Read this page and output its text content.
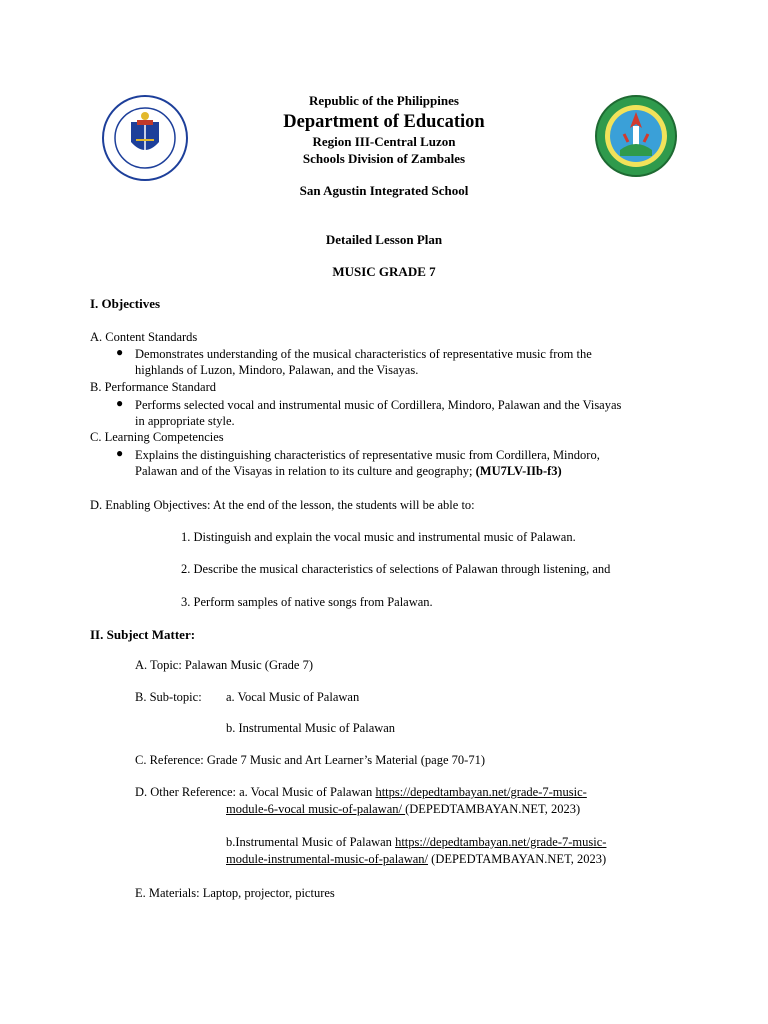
Republic of the Philippines
Department of Education
Region III-Central Luzon
Schools Division of Zambales
San Agustin Integrated School
Detailed Lesson Plan
MUSIC GRADE 7
I. Objectives
A. Content Standards
● Demonstrates understanding of the musical characteristics of representative music from the
highlands of Luzon, Mindoro, Palawan, and the Visayas.
B. Performance Standard
● Performs selected vocal and instrumental music of Cordillera, Mindoro, Palawan and the Visayas
in appropriate style.
C. Learning Competencies
● Explains the distinguishing characteristics of representative music from Cordillera, Mindoro,
Palawan and of the Visayas in relation to its culture and geography; (MU7LV-IIb-f3)
D. Enabling Objectives: At the end of the lesson, the students will be able to:
1. Distinguish and explain the vocal music and instrumental music of Palawan.
2. Describe the musical characteristics of selections of Palawan through listening, and
3. Perform samples of native songs from Palawan.
II. Subject Matter:
A. Topic: Palawan Music (Grade 7)
B. Sub-topic: a. Vocal Music of Palawan
b. Instrumental Music of Palawan
C. Reference: Grade 7 Music and Art Learner’s Material (page 70-71)
D. Other Reference: a. Vocal Music of Palawan https://depedtambayan.net/grade-7-music-
module-6-vocal music-of-palawan/ (DEPEDTAMBAYAN.NET, 2023)
b.Instrumental Music of Palawan https://depedtambayan.net/grade-7-music-
module-instrumental-music-of-palawan/ (DEPEDTAMBAYAN.NET, 2023)
E. Materials: Laptop, projector, pictures
